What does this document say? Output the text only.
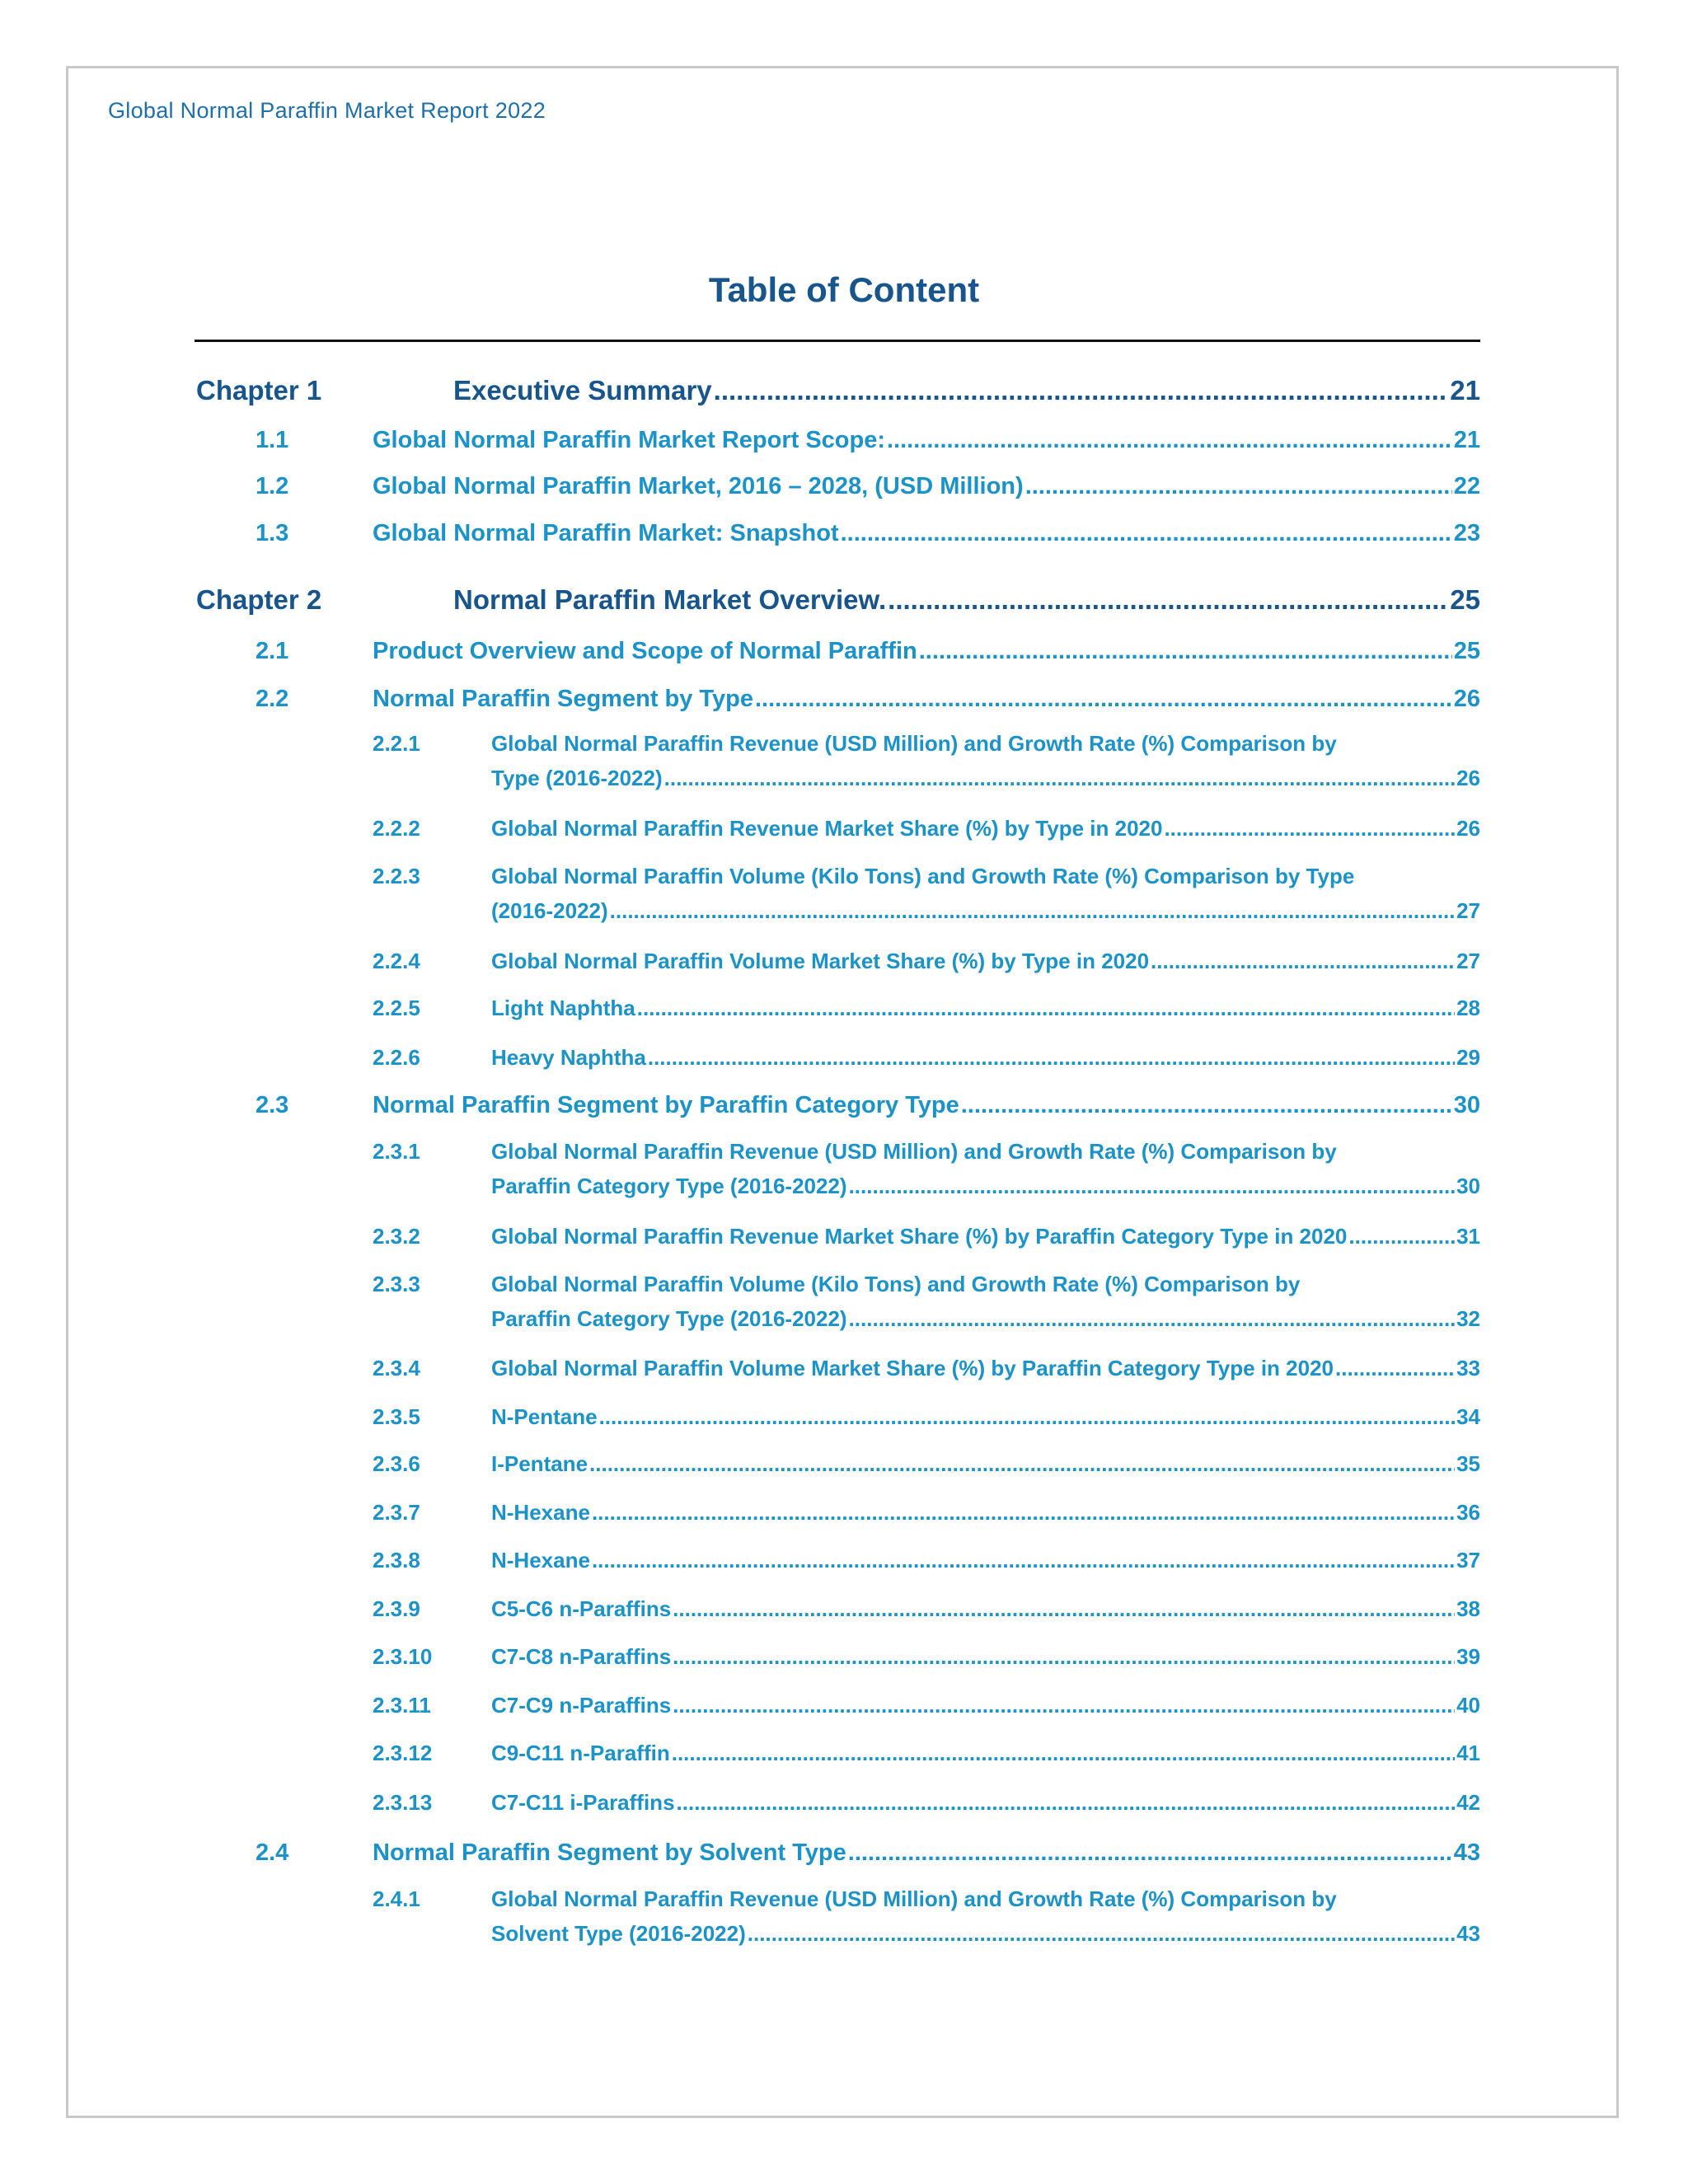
Global Normal Paraffin Market Report 2022
Table of Content
Chapter 1	Executive Summary .....	21
1.1	Global Normal Paraffin Market Report Scope: .....	21
1.2	Global Normal Paraffin Market, 2016 – 2028, (USD Million) .....	22
1.3	Global Normal Paraffin Market: Snapshot .....	23
Chapter 2	Normal Paraffin Market Overview. .....	25
2.1	Product Overview and Scope of Normal Paraffin .....	25
2.2	Normal Paraffin Segment by Type .....	26
2.2.1	Global Normal Paraffin Revenue (USD Million) and Growth Rate (%) Comparison by
Type (2016-2022) .....	26
2.2.2	Global Normal Paraffin Revenue Market Share (%) by Type in 2020 .....	26
2.2.3	Global Normal Paraffin Volume (Kilo Tons) and Growth Rate (%) Comparison by Type
(2016-2022) .....	27
2.2.4	Global Normal Paraffin Volume Market Share (%) by Type in 2020 .....	27
2.2.5	Light Naphtha .....	28
2.2.6	Heavy Naphtha .....	29
2.3	Normal Paraffin Segment by Paraffin Category Type .....	30
2.3.1	Global Normal Paraffin Revenue (USD Million) and Growth Rate (%) Comparison by
Paraffin Category Type (2016-2022) .....	30
2.3.2	Global Normal Paraffin Revenue Market Share (%) by Paraffin Category Type in 2020 .....	31
2.3.3	Global Normal Paraffin Volume (Kilo Tons) and Growth Rate (%) Comparison by
Paraffin Category Type (2016-2022) .....	32
2.3.4	Global Normal Paraffin Volume Market Share (%) by Paraffin Category Type in 2020 .....	33
2.3.5	N-Pentane .....	34
2.3.6	I-Pentane .....	35
2.3.7	N-Hexane .....	36
2.3.8	N-Hexane .....	37
2.3.9	C5-C6 n-Paraffins .....	38
2.3.10	C7-C8 n-Paraffins .....	39
2.3.11	C7-C9 n-Paraffins .....	40
2.3.12	C9-C11 n-Paraffin .....	41
2.3.13	C7-C11 i-Paraffins .....	42
2.4	Normal Paraffin Segment by Solvent Type .....	43
2.4.1	Global Normal Paraffin Revenue (USD Million) and Growth Rate (%) Comparison by
Solvent Type (2016-2022) .....	43
